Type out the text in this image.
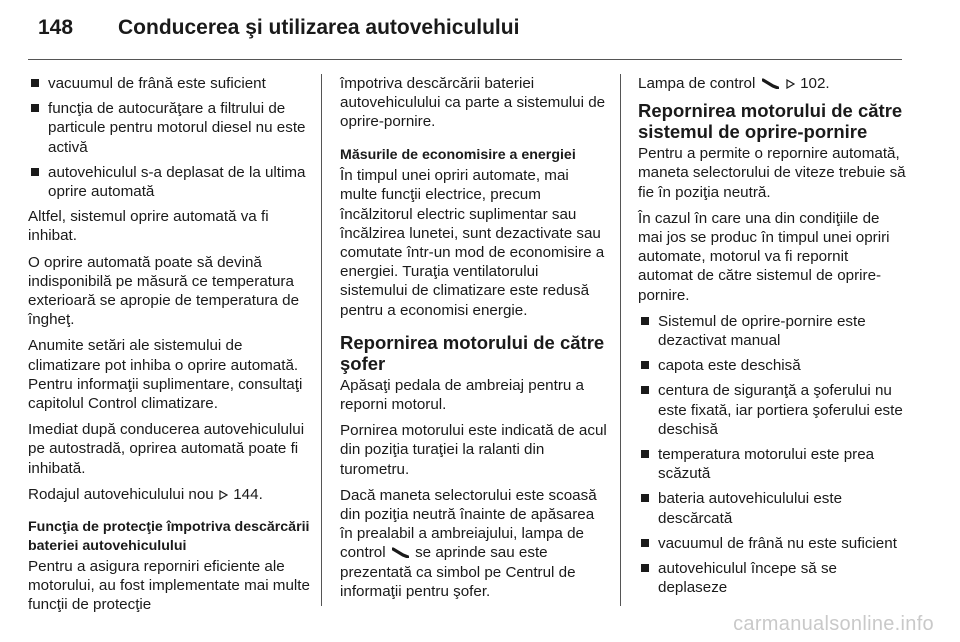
148 Conducerea şi utilizarea autovehiculului
vacuumul de frână este suficient
funcţia de autocurăţare a filtrului de particule pentru motorul diesel nu este activă
autovehiculul s-a deplasat de la ultima oprire automată

Altfel, sistemul oprire automată va fi inhibat.

O oprire automată poate să devină indisponibilă pe măsură ce temperatura exterioară se apropie de temperatura de îngheţ.

Anumite setări ale sistemului de climatizare pot inhiba o oprire automată. Pentru informaţii suplimentare, consultaţi capitolul Control climatizare.

Imediat după conducerea autovehiculului pe autostradă, oprirea automată poate fi inhibată.

Rodajul autovehiculului nou 144.

Funcţia de protecţie împotriva descărcării bateriei autovehiculului

Pentru a asigura reporniri eficiente ale motorului, au fost implementate mai multe funcţii de protecţie

împotriva descărcării bateriei autovehiculului ca parte a sistemului de oprire-pornire.

Măsurile de economisire a energiei

În timpul unei opriri automate, mai multe funcţii electrice, precum încălzitorul electric suplimentar sau încălzirea lunetei, sunt dezactivate sau comutate într-un mod de economisire a energiei. Turaţia ventilatorului sistemului de climatizare este redusă pentru a economisi energie.

Repornirea motorului de către şofer

Apăsaţi pedala de ambreiaj pentru a reporni motorul.

Pornirea motorului este indicată de acul din poziţia turaţiei la ralanti din turometru.

Dacă maneta selectorului este scoasă din poziţia neutră înainte de apăsarea în prealabil a ambreiajului, lampa de control se aprinde sau este prezentată ca simbol pe Centrul de informaţii pentru şofer.

Lampa de control	102.

Repornirea motorului de către sistemul de oprire-pornire

Pentru a permite o repornire automată, maneta selectorului de viteze trebuie să fie în poziţia neutră.

În cazul în care una din condiţiile de mai jos se produc în timpul unei opriri automate, motorul va fi repornit automat de către sistemul de oprire-pornire.

Sistemul de oprire-pornire este dezactivat manual
capota este deschisă
centura de siguranţă a şoferului nu este fixată, iar portiera şoferului este deschisă
temperatura motorului este prea scăzută
bateria autovehiculului este descărcată
vacuumul de frână nu este suficient
autovehiculul începe să se deplaseze
carmanualsonline.info
